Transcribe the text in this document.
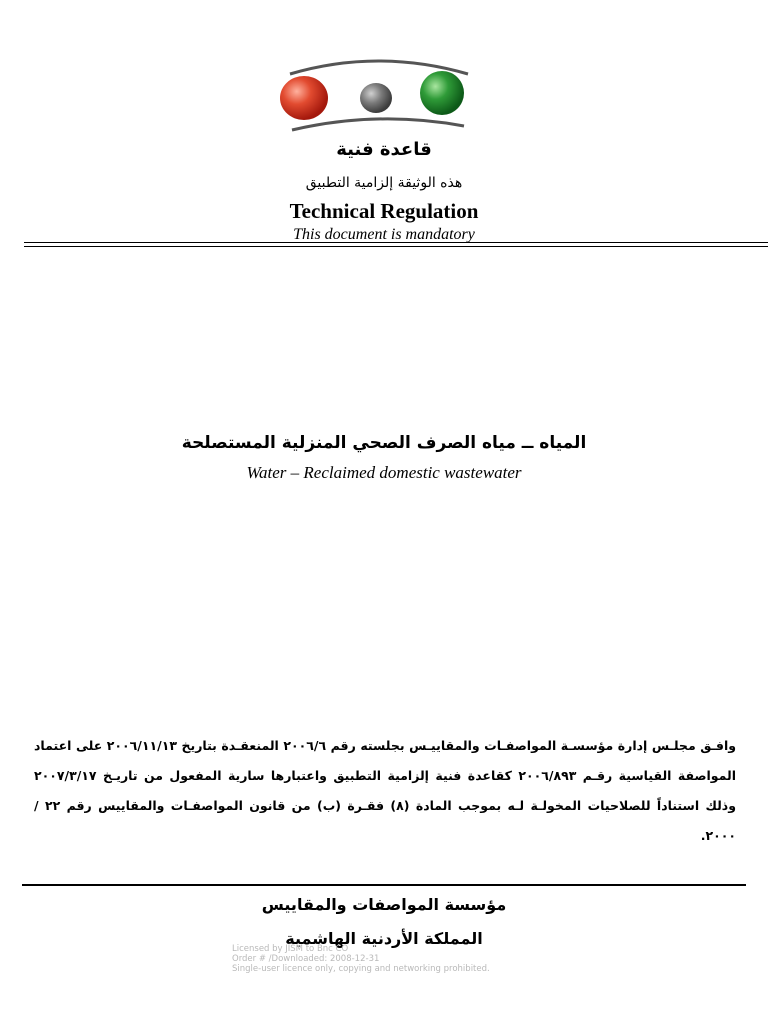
قاعدة فنية
هذه الوثيقة إلزامية التطبيق
Technical Regulation
This document is mandatory
المياه ــ مياه الصرف الصحي المنزلية المستصلحة
Water – Reclaimed domestic wastewater
وافـق مجلـس إدارة مؤسسـة المواصفـات والمقاييـس بجلسته رقم ٢٠٠٦/٦ المنعقـدة بتاريخ ٢٠٠٦/١١/١٣ على اعتماد المواصفة القياسية رقـم ٢٠٠٦/٨٩٣ كقاعدة فنية إلزامية التطبيق واعتبارها سارية المفعول من تاريـخ ٢٠٠٧/٣/١٧ وذلك استناداً للصلاحيات المخولـة لـه بموجب المادة (٨) فقـرة (ب) من قانون المواصفـات والمقاييس رقم ٢٢ /٢٠٠٠.
مؤسسة المواصفات والمقاييس
المملكة الأردنية الهاشمية
Licensed by JISM to Bnc CO
Order # /Downloaded: 2008-12-31
Single-user licence only, copying and networking prohibited.
